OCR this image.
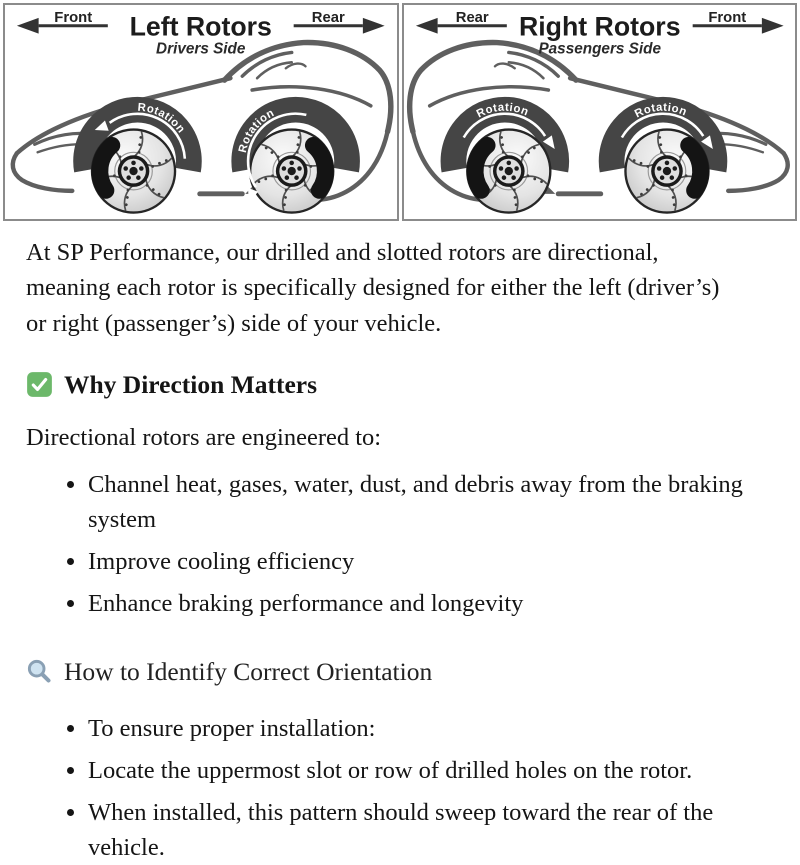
Rotation
Rotation
Front	Rear
Left Rotors
Drivers Side
Rotation	Rotation
Rear	Front
Right Rotors
Passengers Side

At SP Performance, our drilled and slotted rotors are directional, meaning each rotor is specifically designed for either the left (driver’s) or right (passenger’s) side of your vehicle.

Why Direction Matters

Directional rotors are engineered to:

• Channel heat, gases, water, dust, and debris away from the braking system
• Improve cooling efficiency
• Enhance braking performance and longevity
How to Identify Correct Orientation
• To ensure proper installation:
• Locate the uppermost slot or row of drilled holes on the rotor.
• When installed, this pattern should sweep toward the rear of the vehicle.
